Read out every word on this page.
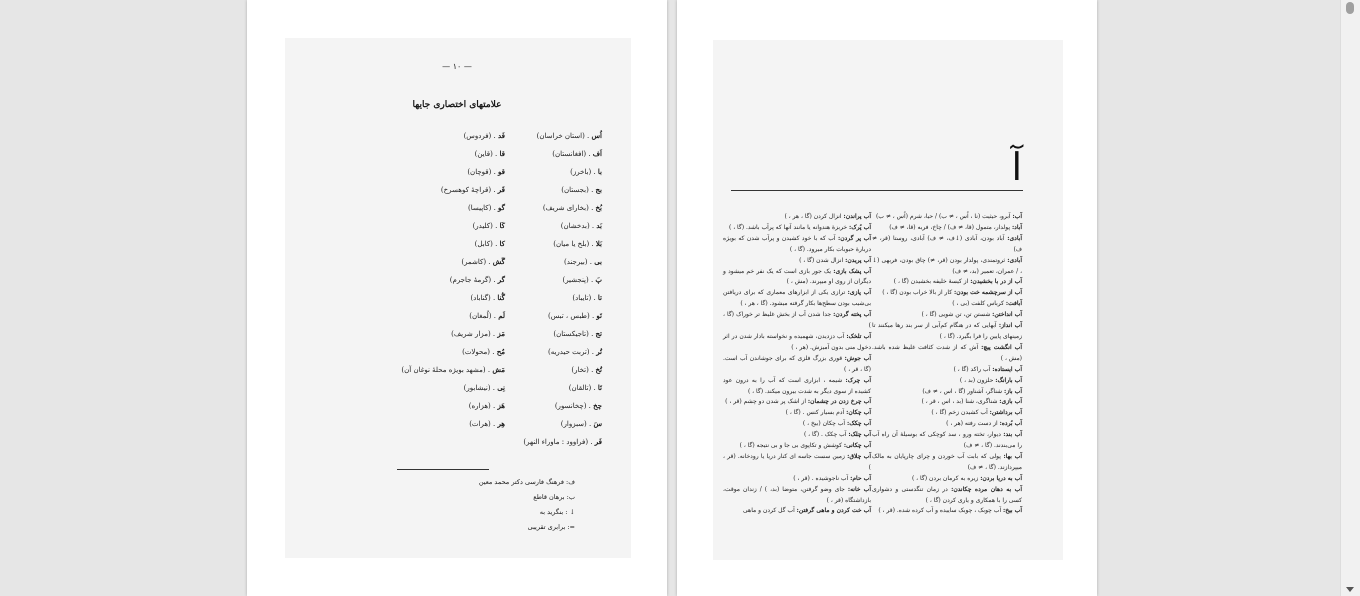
— ۱۰ —
علامتهای اختصاری جایها
اُس . (استان خراسان)
اَف . (افغانستان)
با . (باخرز)
بج . (بجستان)
بُخ . (بخارای شریف)
بَد . (بدخشان)
بَلا . (بلخ یا میان)
بی . (بیرجند)
پَ . (پنجشیر)
تا . (تایباد)
تَو . (طبس ، تبس)
تج . (تاجیکستان)
تُر . (تربت حیدریه)
تُخ . (تخار)
تَا . (تالقان)
چخ . (چخانسور)
سَ . (سبزوار)
فَر . (فراوود : ماوراء النهر)
فَد . (فردوس)
قا . (قاین)
قو . (قوچان)
قَر . (قراچهٔ کوهسرخ)
گو . (کاپیسا)
کَا . (کلیدر)
کا . (کابل)
گَش . (کاشمر)
گر . (گرمهٔ جاجرم)
گُنا . (گناباد)
لَم . (لُمغان)
مَز . (مزار شریف)
مُح . (محولات)
مَش . (مشهد بویژه محلهٔ نوغان آن)
نِی . (نیشابور)
هَز . (هزاره)
هِر . (هرات)
ف: فرهنگ فارسی دکتر محمد معین
ب: برهان قاطع
↓ : بنگرید به
=: برابری تقریبی
آ

آب: آبرو، حیثیت (نا ، اُس ، ≠ ب) / حیا، شرم (اُس ، ≠ ب)

آباد: پولدار، متمول (قا، ≠ ف) / چاخ، فربه (قا، ≠ ف)

آبادی: آباد بودن، آبادی (↓ف، ≠ ف) آبادی، روستا (قر، ≠ ف)

آبادی: ثروتمندی، پولدار بودن (قر، ≠) چاق بودن، فربهی (↓ ، / عمران، تعمیر (بد، ≠ ف)

آب از در با بخشیدن: از کیسهٔ خلیفه بخشیدن (گا ، )

آب از سرچشمه خت بودن: کار از بالا خراب بودن (گا ، )

آبافت: کرباس کلفت (بی ، )

آب انداختن: شستن تن، تن شویی (گا ، )

آب انداز: آبهایی که در هنگام کم‌آبی از سر بند رها میکنند تا زمینهای پایین را فرا بگیرد. (گا ، )

آب انگشت پیچ: آش که از شدت کثافت غلیظ شده باشد. (مش ، )

آب ایستاده: آب راکد (گا ، )

آب بارانگ: حلزون (بد ، )

آب باز: شناگر، آشناور (گا ، اس ، ≠ ف)

آب بازی: شناگری، شنا (بد ، اس ، قر ، )

آب برداشتن: آب کشیدن زخم (گا ، )

آب بُرده: از دست رفته (هر ، )

آب بند: دیوار، تخته ورو ، سد کوچکی که بوسیلهٔ آن راه آب را می‌بندند. (گا ، ≠ ف)

آب بها: پولی که بابت آب خوردن و چرای چارپایان به مالک میپردازند. (گا ، ≠ ف)

آب به دریا بردن: زیره به کرمان بردن (گا ، )

آب به دهان مرده چکاندن: در زمان تنگدستی و دشواری کسی را با همکاری و یاری کردن (گا ، )

آب بیخ: آب چوبک ، چوبک ساییده و آب کرده شده. (قر ، )

آب پراندن: انزال کردن (گا ، هر ، )

آب پُرک: خربزهٔ هندوانه یا مانند آنها که پرآب باشد. (گا ، )

آب پر گردن: آب که با خود کشیدن و پرآب شدن که بویژه دربارهٔ حبوبات بکار میرود. (گا ، )

آب پریدن: انزال شدن (گا ، )

آب پشک بازی: یک جور بازی است که یک نفر خم میشود و دیگران از روی او میپرند. (مش ، )

آب پازی: ترازی یکی از ابزارهای معماری که برای دریافتن بی‌شیب بودن سطح‌ها بکار گرفته میشود. (گا ، هر ، )

آب پخته گردن: جدا شدن آب از بخش غلیظ تر خوراک (گا ، )

آب تلخک: آب دزدیدن، شهمیده و نخواسته بادار شدن در اثر دخول منی بدون آمیزش. (هر ، )

آب جوش: قوری بزرگ فلزی که برای جوشاندن آب است. (گا ، قر ، )

آب چرک: شیمه ، ابزاری است که آب را به درون عود کشیده از سوی دیگر به شدت بیرون میکند. (گا ، )

آب چرخ زدن در چشمان: از اشک پر شدن دو چشم (قر ، )

آب چکان: آدم بسیار کنس . (گا ، )

آب چکک: آب چکان (بیخ ، )

آب چلک: آب چکک . (گا ، )

آب چکانی: کوشش و تکاپوی بی جا و بی نتیجه (گا ، )

آب چلاق: زمین سست جاسه ای کنار دریا یا رودخانه. (قر ، )

آب حام: آب ناجوشیده . (قر ، )

آب خانه: جای وضو گرفتن، متوضا (بد، ) / زندان موقت، بازداشتگاه (قر ، )

آب خت کردن و ماهی گرفتن: آب گل کردن و ماهی
